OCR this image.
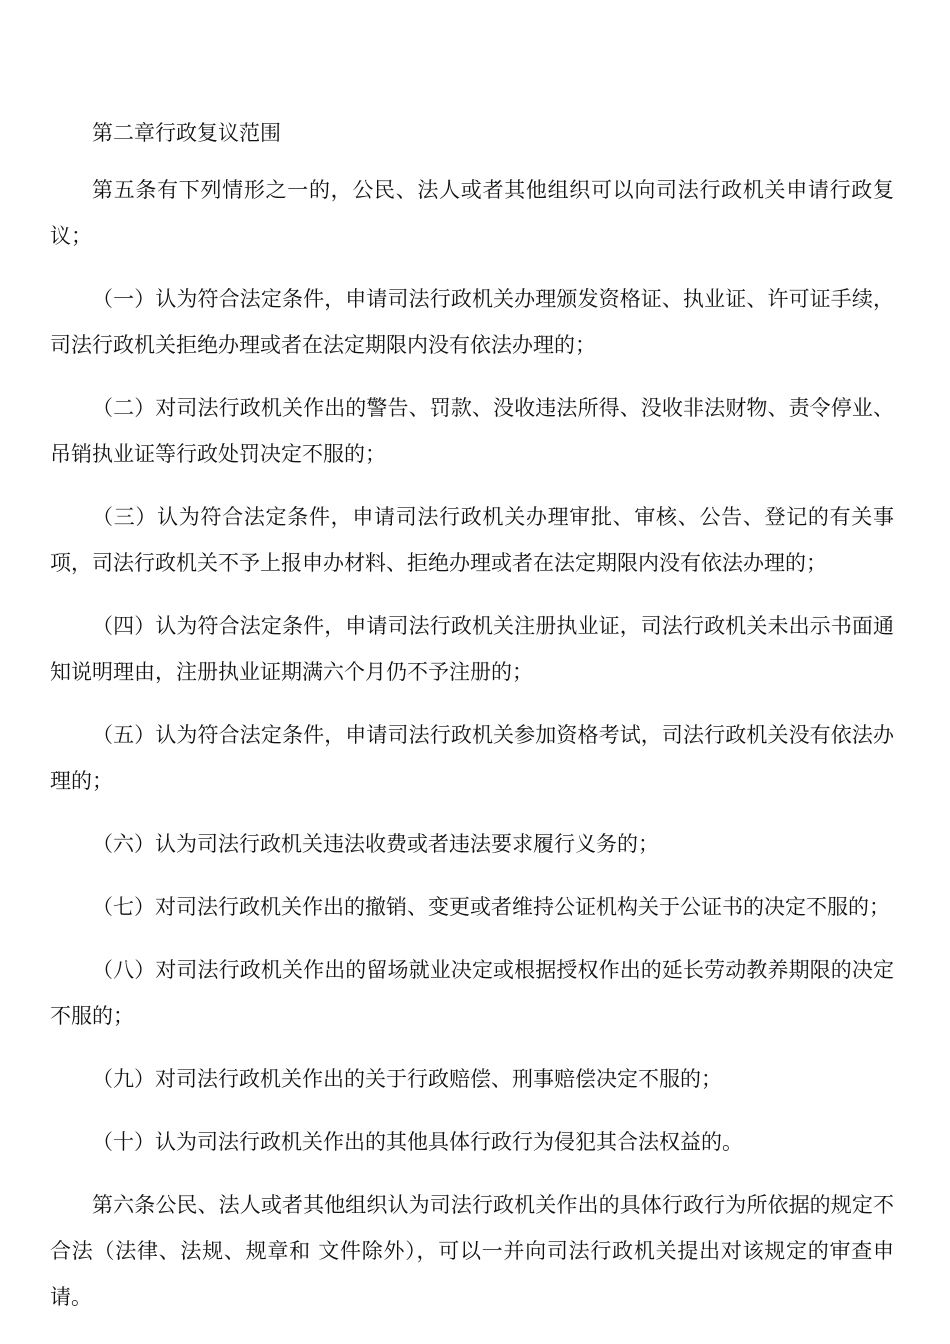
第二章行政复议范围

第五条有下列情形之一的，公民、法人或者其他组织可以向司法行政机关申请行政复议；

（一）认为符合法定条件，申请司法行政机关办理颁发资格证、执业证、许可证手续，司法行政机关拒绝办理或者在法定期限内没有依法办理的；

（二）对司法行政机关作出的警告、罚款、没收违法所得、没收非法财物、责令停业、吊销执业证等行政处罚决定不服的；

（三）认为符合法定条件，申请司法行政机关办理审批、审核、公告、登记的有关事项，司法行政机关不予上报申办材料、拒绝办理或者在法定期限内没有依法办理的；

（四）认为符合法定条件，申请司法行政机关注册执业证，司法行政机关未出示书面通知说明理由，注册执业证期满六个月仍不予注册的；

（五）认为符合法定条件，申请司法行政机关参加资格考试，司法行政机关没有依法办理的；

（六）认为司法行政机关违法收费或者违法要求履行义务的；

（七）对司法行政机关作出的撤销、变更或者维持公证机构关于公证书的决定不服的；

（八）对司法行政机关作出的留场就业决定或根据授权作出的延长劳动教养期限的决定不服的；

（九）对司法行政机关作出的关于行政赔偿、刑事赔偿决定不服的；

（十）认为司法行政机关作出的其他具体行政行为侵犯其合法权益的。

第六条公民、法人或者其他组织认为司法行政机关作出的具体行政行为所依据的规定不合法（法律、法规、规章和 文件除外），可以一并向司法行政机关提出对该规定的审查申请。
